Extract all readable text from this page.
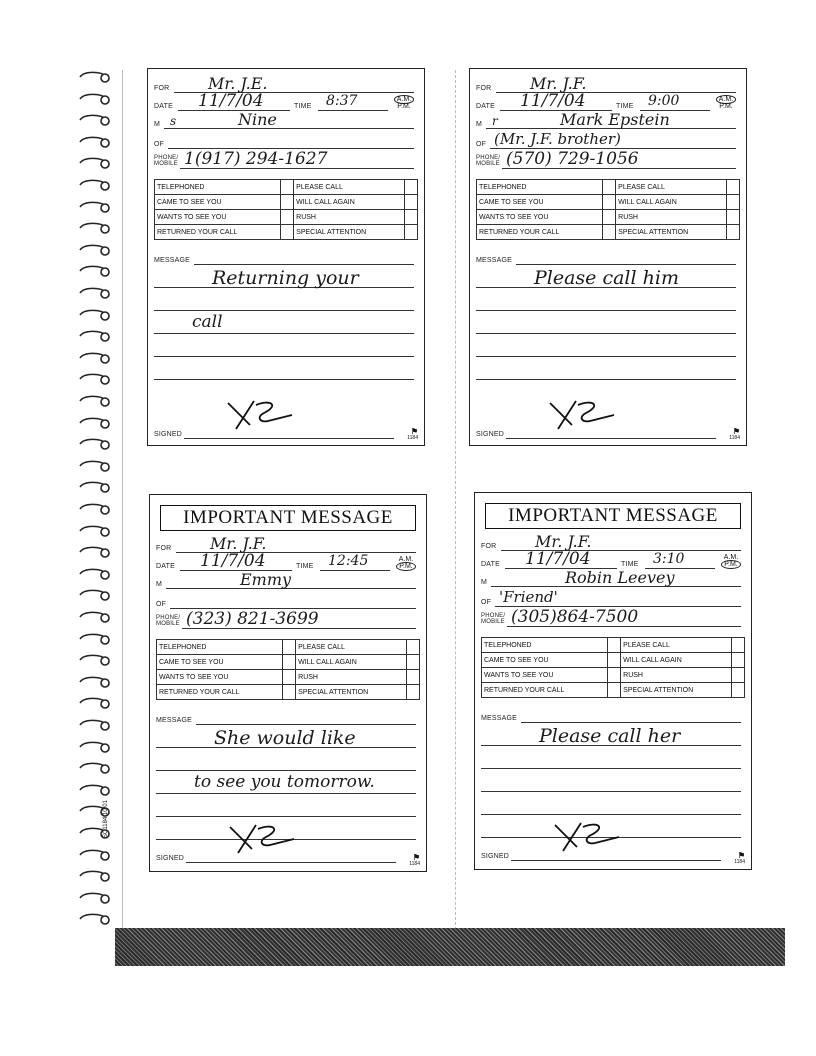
SC1184 10/01
FOR Mr. J.E.
DATE 11/7/04	TIME 8:37	A.M.
P.M.
M s	Nine
OF
PHONE/
MOBILE 1(917) 294-1627
TELEPHONED		PLEASE CALL	
CAME TO SEE YOU		WILL CALL AGAIN	
WANTS TO SEE YOU		RUSH	
RETURNED YOUR CALL		SPECIAL ATTENTION	
MESSAGE
Returning your
call
SIGNED	⚑
1184
FOR Mr. J.F.
DATE 11/7/04	TIME 9:00	A.M.
P.M.
M r	Mark Epstein
OF (Mr. J.F. brother)
PHONE/
MOBILE (570) 729-1056
TELEPHONED		PLEASE CALL	
CAME TO SEE YOU		WILL CALL AGAIN	
WANTS TO SEE YOU		RUSH	
RETURNED YOUR CALL		SPECIAL ATTENTION	
MESSAGE
Please call him
SIGNED	⚑
1184
IMPORTANT MESSAGE
FOR Mr. J.F.
DATE 11/7/04	TIME 12:45	A.M.
P.M.
M	Emmy
OF
PHONE/
MOBILE (323) 821-3699
TELEPHONED		PLEASE CALL	
CAME TO SEE YOU		WILL CALL AGAIN	
WANTS TO SEE YOU		RUSH	
RETURNED YOUR CALL		SPECIAL ATTENTION	
MESSAGE
She would like
to see you tomorrow.
SIGNED	⚑
1184
IMPORTANT MESSAGE
FOR Mr. J.F.
DATE 11/7/04	TIME 3:10	A.M.
P.M.
M	Robin Leevey
OF 'Friend'
PHONE/
MOBILE (305)864-7500
TELEPHONED		PLEASE CALL	
CAME TO SEE YOU		WILL CALL AGAIN	
WANTS TO SEE YOU		RUSH	
RETURNED YOUR CALL		SPECIAL ATTENTION	
MESSAGE
Please call her
SIGNED	⚑
1184
